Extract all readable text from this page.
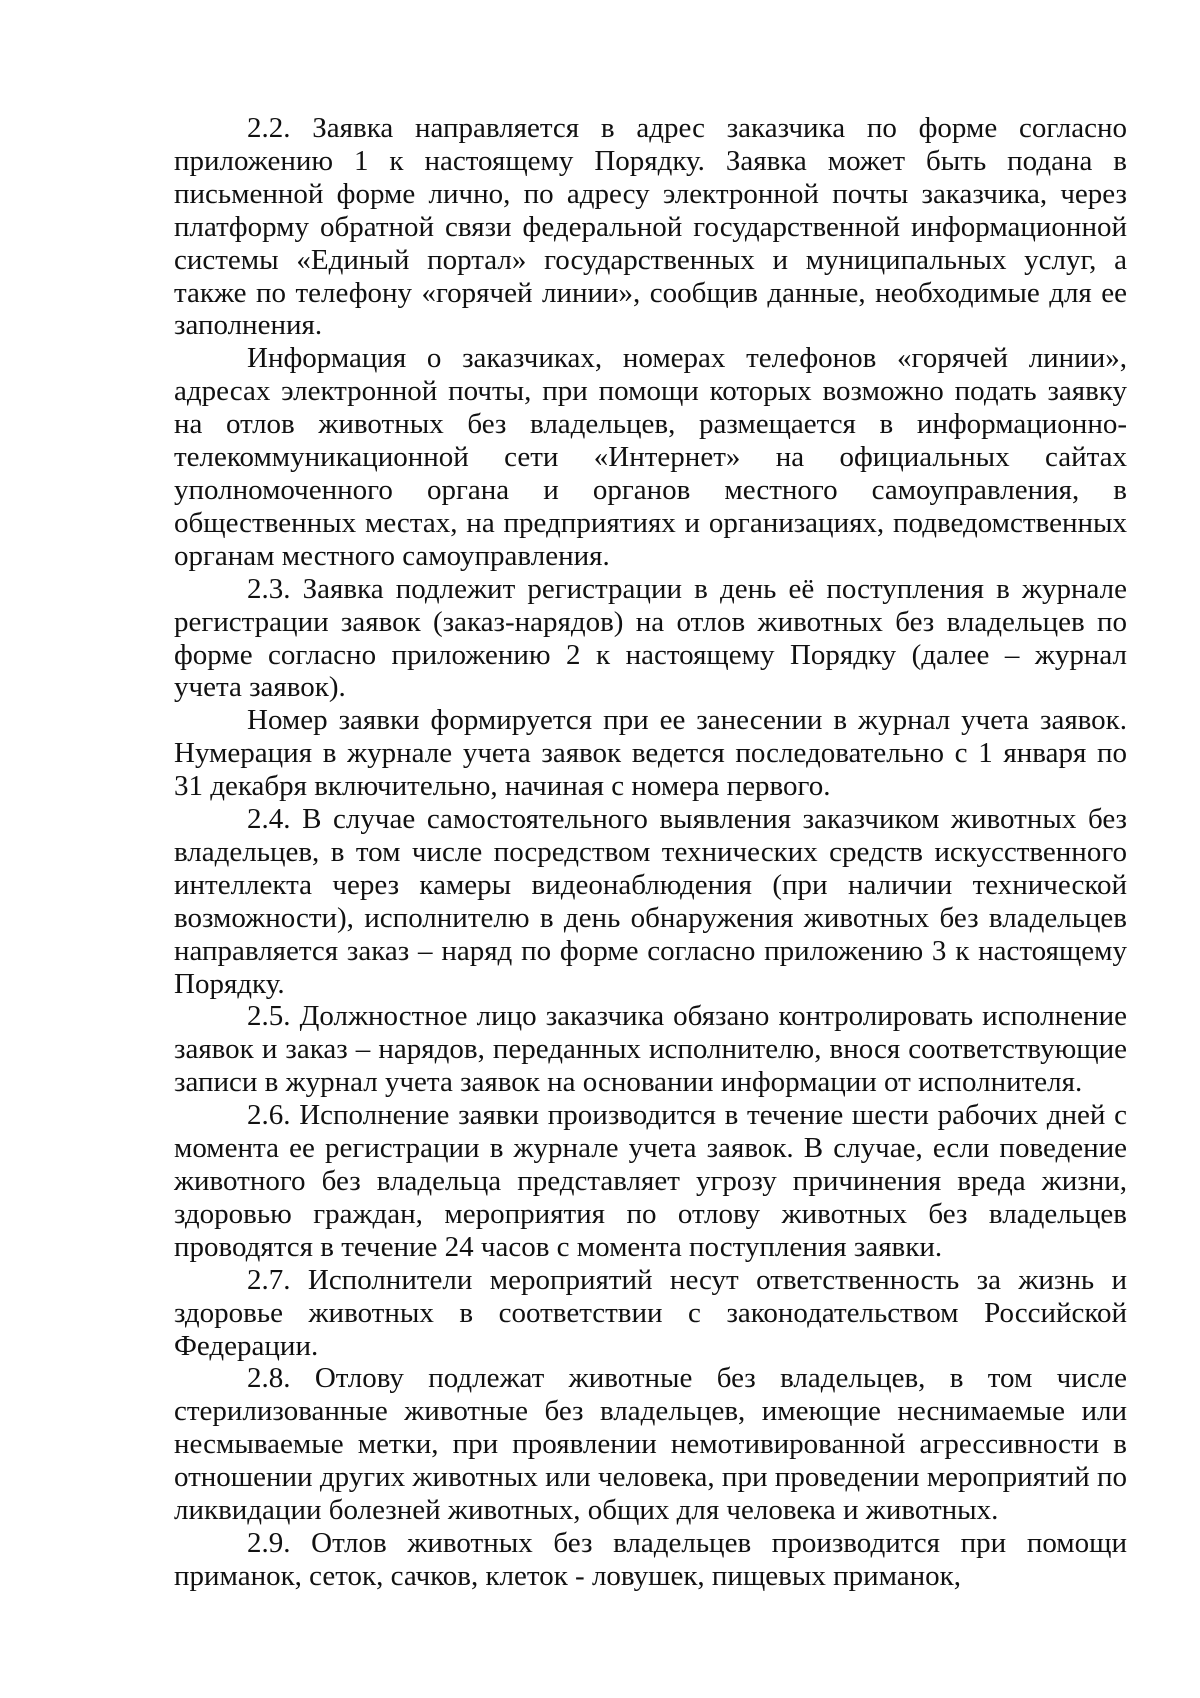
2.2. Заявка направляется в адрес заказчика по форме согласно приложению 1 к настоящему Порядку. Заявка может быть подана в письменной форме лично, по адресу электронной почты заказчика, через платформу обратной связи федеральной государственной информационной системы «Единый портал» государственных и муниципальных услуг, а также по телефону «горячей линии», сообщив данные, необходимые для ее заполнения.

Информация о заказчиках, номерах телефонов «горячей линии», адресах электронной почты, при помощи которых возможно подать заявку на отлов животных без владельцев, размещается в информационно-телекоммуникационной сети «Интернет» на официальных сайтах уполномоченного органа и органов местного самоуправления, в общественных местах, на предприятиях и организациях, подведомственных органам местного самоуправления.

2.3. Заявка подлежит регистрации в день её поступления в журнале регистрации заявок (заказ-нарядов) на отлов животных без владельцев по форме согласно приложению 2 к настоящему Порядку (далее – журнал учета заявок).

Номер заявки формируется при ее занесении в журнал учета заявок. Нумерация в журнале учета заявок ведется последовательно с 1 января по 31 декабря включительно, начиная с номера первого.

2.4. В случае самостоятельного выявления заказчиком животных без владельцев, в том числе посредством технических средств искусственного интеллекта через камеры видеонаблюдения (при наличии технической возможности), исполнителю в день обнаружения животных без владельцев направляется заказ – наряд по форме согласно приложению 3 к настоящему Порядку.

2.5. Должностное лицо заказчика обязано контролировать исполнение заявок и заказ – нарядов, переданных исполнителю, внося соответствующие записи в журнал учета заявок на основании информации от исполнителя.

2.6. Исполнение заявки производится в течение шести рабочих дней с момента ее регистрации в журнале учета заявок. В случае, если поведение животного без владельца представляет угрозу причинения вреда жизни, здоровью граждан, мероприятия по отлову животных без владельцев проводятся в течение 24 часов с момента поступления заявки.

2.7. Исполнители мероприятий несут ответственность за жизнь и здоровье животных в соответствии с законодательством Российской Федерации.

2.8. Отлову подлежат животные без владельцев, в том числе стерилизованные животные без владельцев, имеющие неснимаемые или несмываемые метки, при проявлении немотивированной агрессивности в отношении других животных или человека, при проведении мероприятий по ликвидации болезней животных, общих для человека и животных.

2.9. Отлов животных без владельцев производится при помощи приманок, сеток, сачков, клеток - ловушек, пищевых приманок,
